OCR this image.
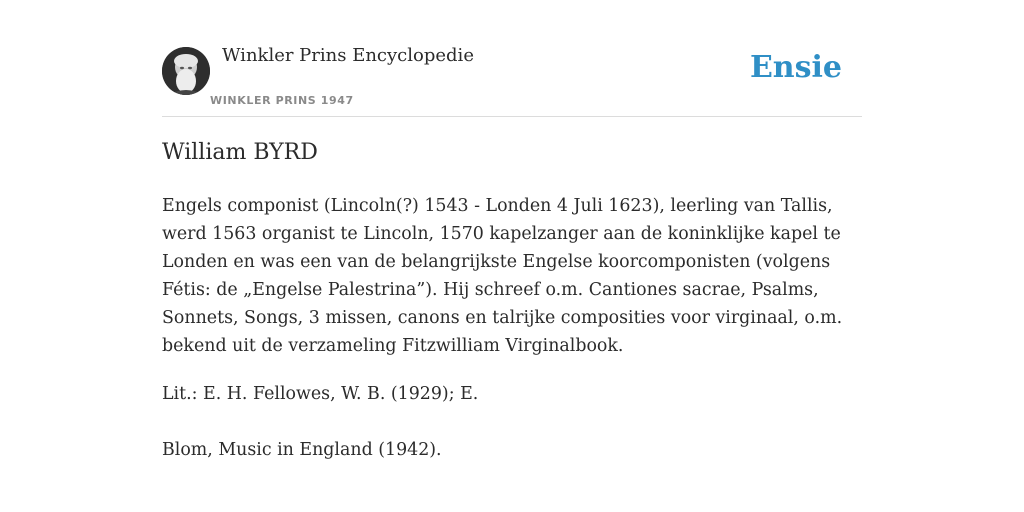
Winkler Prins Encyclopedie
WINKLER PRINS 1947
Ensie
William BYRD

Engels componist (Lincoln(?) 1543 - Londen 4 Juli 1623), leerling van Tallis, werd 1563 organist te Lincoln, 1570 kapelzanger aan de koninklijke kapel te Londen en was een van de belangrijkste Engelse koorcomponisten (volgens Fétis: de „Engelse Palestrina”). Hij schreef o.m. Cantiones sacrae, Psalms, Sonnets, Songs, 3 missen, canons en talrijke composities voor virginaal, o.m. bekend uit de verzameling Fitzwilliam Virginalbook.

Lit.: E. H. Fellowes, W. B. (1929); E.

Blom, Music in England (1942).
